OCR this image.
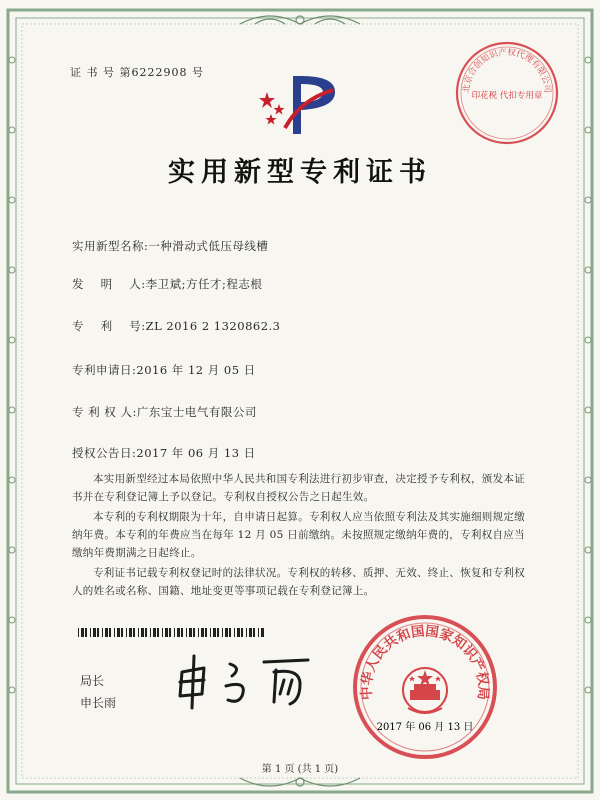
证 书 号 第6222908 号
北京合创知识产权代理有限公司
印花税 代扣专用章
实用新型专利证书
实用新型名称:一种滑动式低压母线槽
发    明    人:李卫斌;方任才;程志根
专    利    号:ZL 2016 2 1320862.3
专利申请日:2016 年 12 月 05 日
专 利 权 人:广东宝士电气有限公司
授权公告日:2017 年 06 月 13 日
本实用新型经过本局依照中华人民共和国专利法进行初步审查，决定授予专利权，颁发本证书并在专利登记簿上予以登记。专利权自授权公告之日起生效。
本专利的专利权期限为十年，自申请日起算。专利权人应当依照专利法及其实施细则规定缴纳年费。本专利的年费应当在每年 12 月 05 日前缴纳。未按照规定缴纳年费的，专利权自应当缴纳年费期满之日起终止。
专利证书记载专利权登记时的法律状况。专利权的转移、质押、无效、终止、恢复和专利权人的姓名或名称、国籍、地址变更等事项记载在专利登记簿上。
局长
申长雨
中华人民共和国国家知识产权局
2017 年 06 月 13 日
第 1 页 (共 1 页)
